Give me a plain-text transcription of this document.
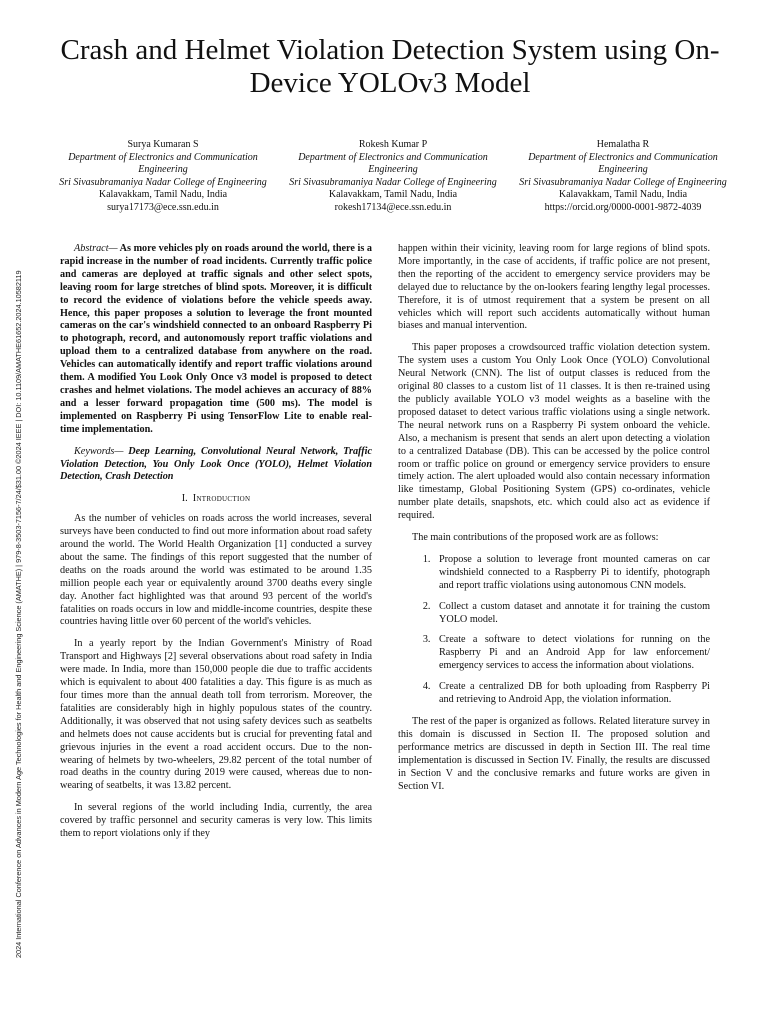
2024 International Conference on Advances in Modern Age Technologies for Health and Engineering Science (AMATHE) | 979-8-3503-7156-7/24/$31.00 ©2024 IEEE | DOI: 10.1109/AMATHE61652.2024.10582119
Crash and Helmet Violation Detection System using On-Device YOLOv3 Model
Surya Kumaran S
Department of Electronics and Communication Engineering
Sri Sivasubramaniya Nadar College of Engineering
Kalavakkam, Tamil Nadu, India
surya17173@ece.ssn.edu.in
Rokesh Kumar P
Department of Electronics and Communication Engineering
Sri Sivasubramaniya Nadar College of Engineering
Kalavakkam, Tamil Nadu, India
rokesh17134@ece.ssn.edu.in
Hemalatha R
Department of Electronics and Communication Engineering
Sri Sivasubramaniya Nadar College of Engineering
Kalavakkam, Tamil Nadu, India
https://orcid.org/0000-0001-9872-4039

Abstract— As more vehicles ply on roads around the world, there is a rapid increase in the number of road incidents. Currently traffic police and cameras are deployed at traffic signals and other select spots, leaving room for large stretches of blind spots. Moreover, it is difficult to record the evidence of violations before the vehicle speeds away. Hence, this paper proposes a solution to leverage the front mounted cameras on the car's windshield connected to an onboard Raspberry Pi to photograph, record, and autonomously report traffic violations and upload them to a centralized database from anywhere on the road. Vehicles can automatically identify and report traffic violations around them. A modified You Look Only Once v3 model is proposed to detect crashes and helmet violations. The model achieves an accuracy of 88% and a lesser forward propagation time (500 ms). The model is implemented on Raspberry Pi using TensorFlow Lite to enable real-time implementation.

Keywords— Deep Learning, Convolutional Neural Network, Traffic Violation Detection, You Only Look Once (YOLO), Helmet Violation Detection, Crash Detection

I. Introduction

As the number of vehicles on roads across the world increases, several surveys have been conducted to find out more information about road safety around the world. The World Health Organization [1] conducted a survey about the same. The findings of this report suggested that the number of deaths on the roads around the world was estimated to be around 1.35 million people each year or equivalently around 3700 deaths every single day. Another fact highlighted was that around 93 percent of the world's fatalities on roads occurs in low and middle-income countries, despite these countries having little over 60 percent of the world's vehicles.

In a yearly report by the Indian Government's Ministry of Road Transport and Highways [2] several observations about road safety in India were made. In India, more than 150,000 people die due to traffic accidents which is equivalent to about 400 fatalities a day. This figure is as much as four times more than the annual death toll from terrorism. Moreover, the fatalities are considerably high in highly populous states of the country. Additionally, it was observed that not using safety devices such as seatbelts and helmets does not cause accidents but is crucial for preventing fatal and grievous injuries in the event a road accident occurs. Due to the non-wearing of helmets by two-wheelers, 29.82 percent of the total number of road deaths in the country during 2019 were caused, whereas due to non-wearing of seatbelts, it was 13.82 percent.

In several regions of the world including India, currently, the area covered by traffic personnel and security cameras is very low. This limits them to report violations only if they

happen within their vicinity, leaving room for large regions of blind spots. More importantly, in the case of accidents, if traffic police are not present, then the reporting of the accident to emergency service providers may be delayed due to reluctance by the on-lookers fearing lengthy legal processes. Therefore, it is of utmost requirement that a system be present on all vehicles which will report such accidents automatically without human biases and manual intervention.

This paper proposes a crowdsourced traffic violation detection system. The system uses a custom You Only Look Once (YOLO) Convolutional Neural Network (CNN). The list of output classes is reduced from the original 80 classes to a custom list of 11 classes. It is then re-trained using the publicly available YOLO v3 model weights as a baseline with the proposed dataset to detect various traffic violations using a single network. The neural network runs on a Raspberry Pi system onboard the vehicle. Also, a mechanism is present that sends an alert upon detecting a violation to a centralized Database (DB). This can be accessed by the police control room or traffic police on ground or emergency service providers to ensure timely action. The alert uploaded would also contain necessary information like timestamp, Global Positioning System (GPS) co-ordinates, vehicle number plate details, snapshots, etc. which could also act as evidence if required.

The main contributions of the proposed work are as follows:

1. Propose a solution to leverage front mounted cameras on car windshield connected to a Raspberry Pi to identify, photograph and report traffic violations using autonomous CNN models.
2. Collect a custom dataset and annotate it for training the custom YOLO model.
3. Create a software to detect violations for running on the Raspberry Pi and an Android App for law enforcement/ emergency services to access the information about violations.
4. Create a centralized DB for both uploading from Raspberry Pi and retrieving to Android App, the violation information.

The rest of the paper is organized as follows. Related literature survey in this domain is discussed in Section II. The proposed solution and performance metrics are discussed in depth in Section III. The real time implementation is discussed in Section IV. Finally, the results are discussed in Section V and the conclusive remarks and future works are given in Section VI.
